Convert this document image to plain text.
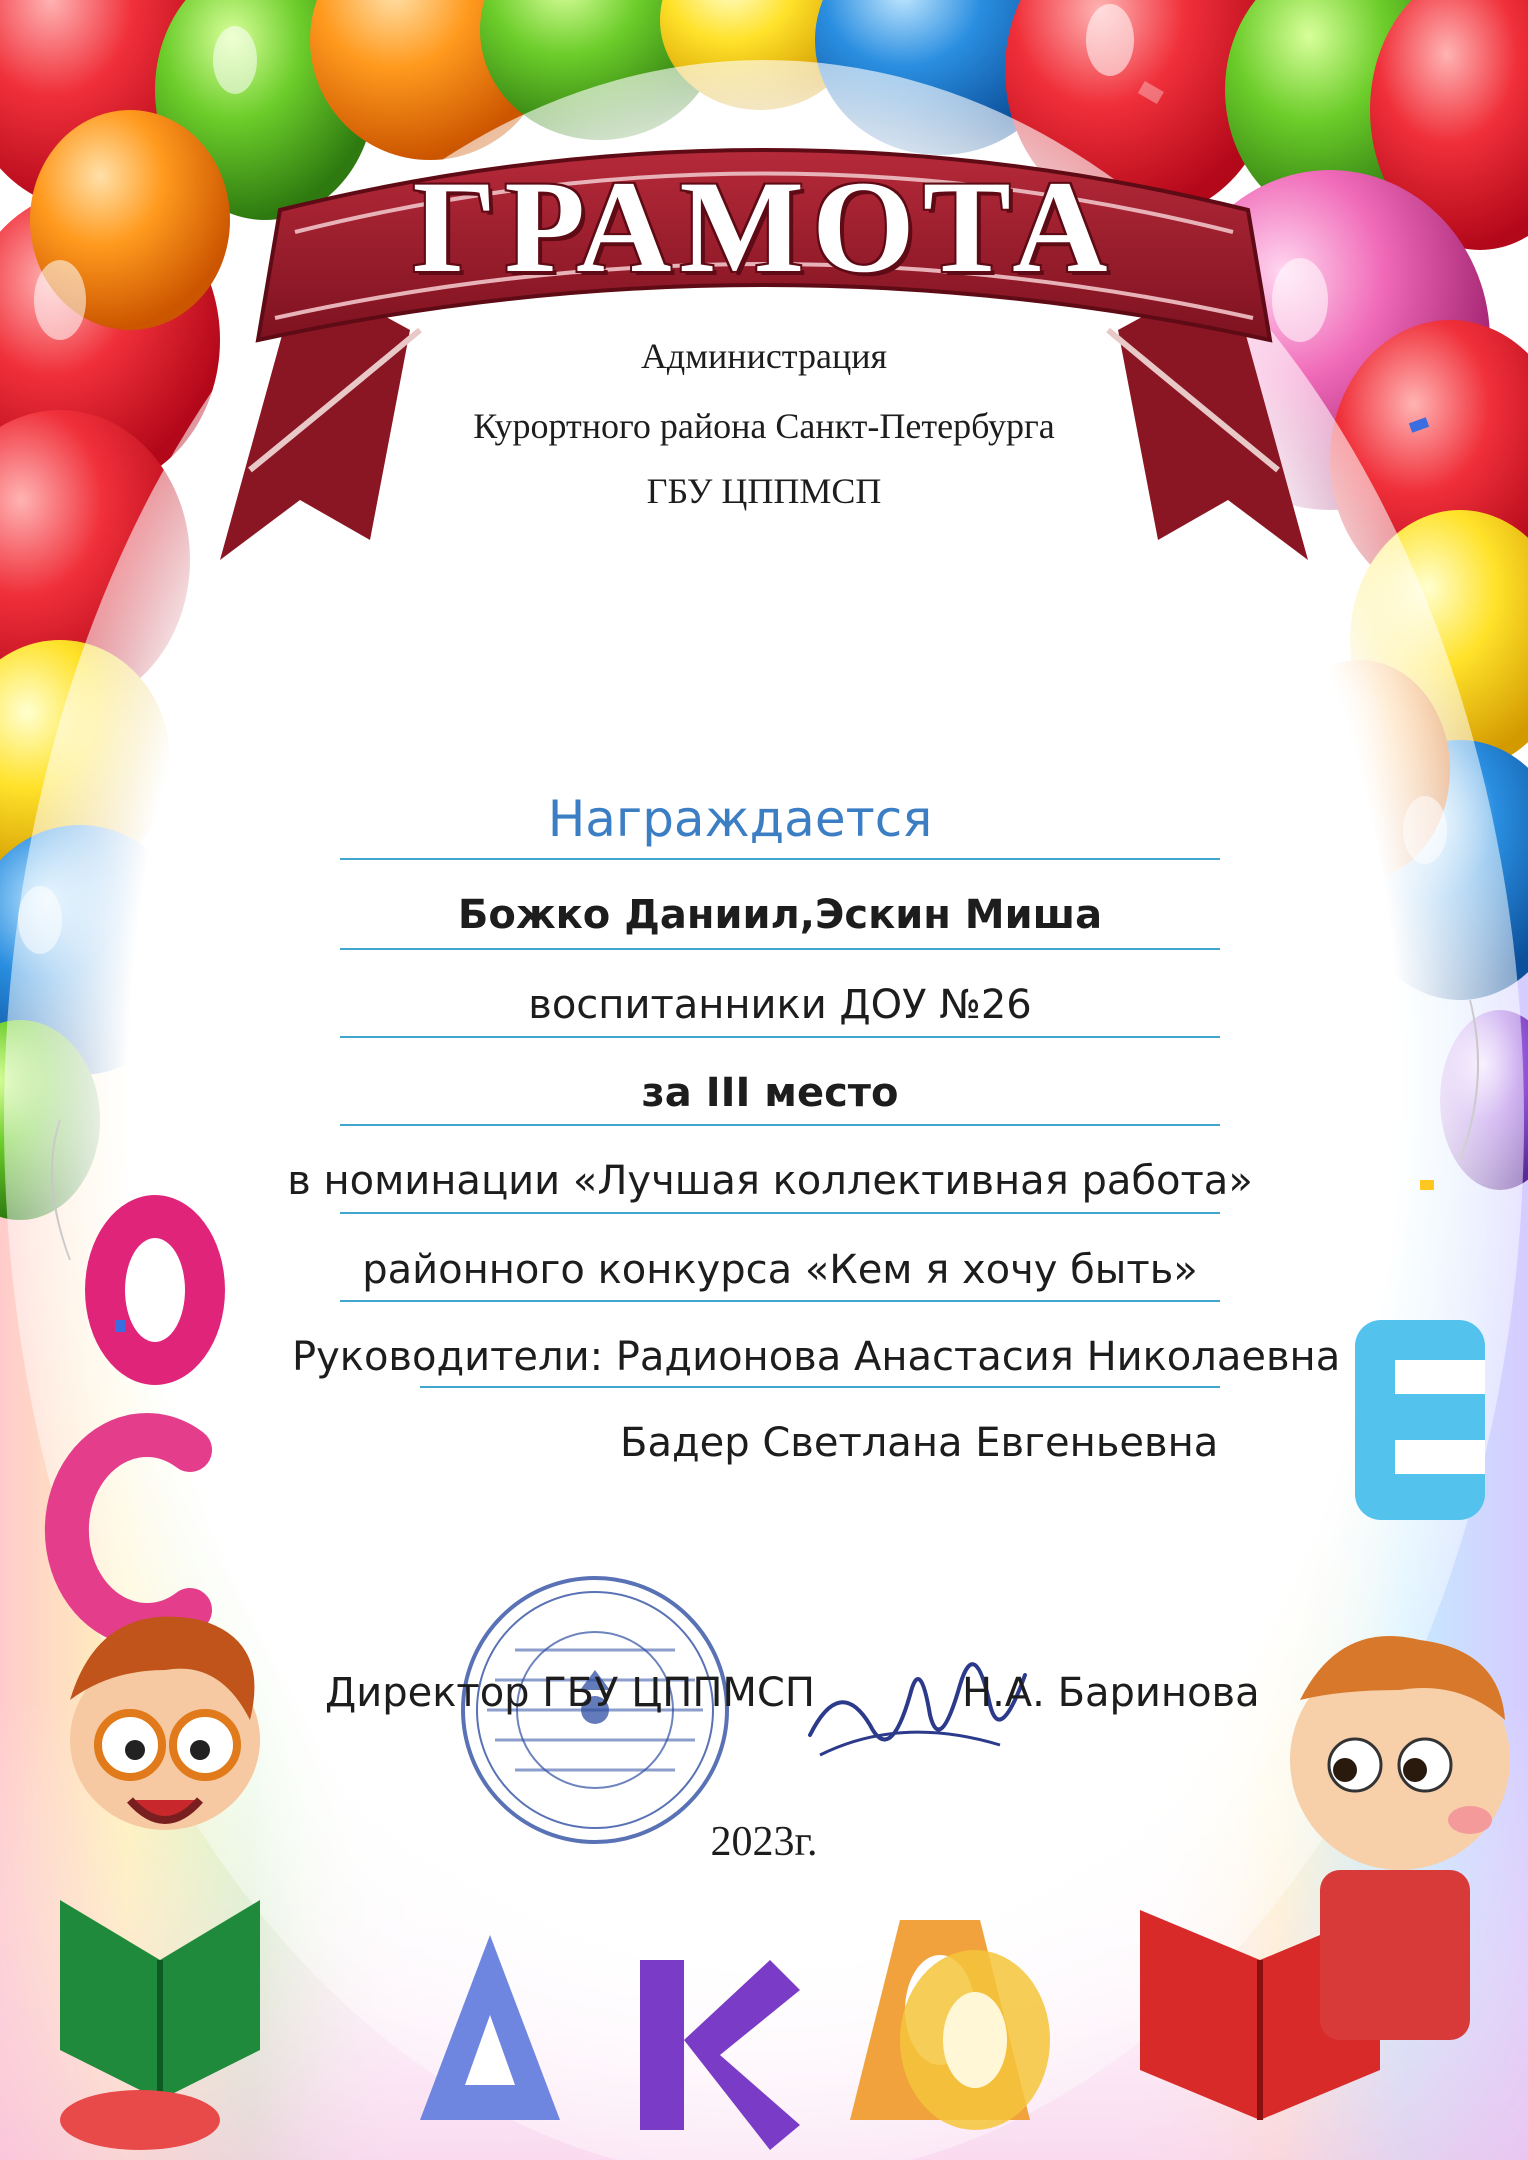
ГРАМОТА
Администрация
Курортного района Санкт-Петербурга
ГБУ ЦППМСП
Награждается
Божко Даниил,Эскин Миша
воспитанники ДОУ №26
за III место
в номинации «Лучшая коллективная работа»
районного конкурса «Кем я хочу быть»
Руководители: Радионова Анастасия Николаевна
Бадер Светлана Евгеньевна
Директор ГБУ ЦППМСП	Н.А. Баринова
2023г.
